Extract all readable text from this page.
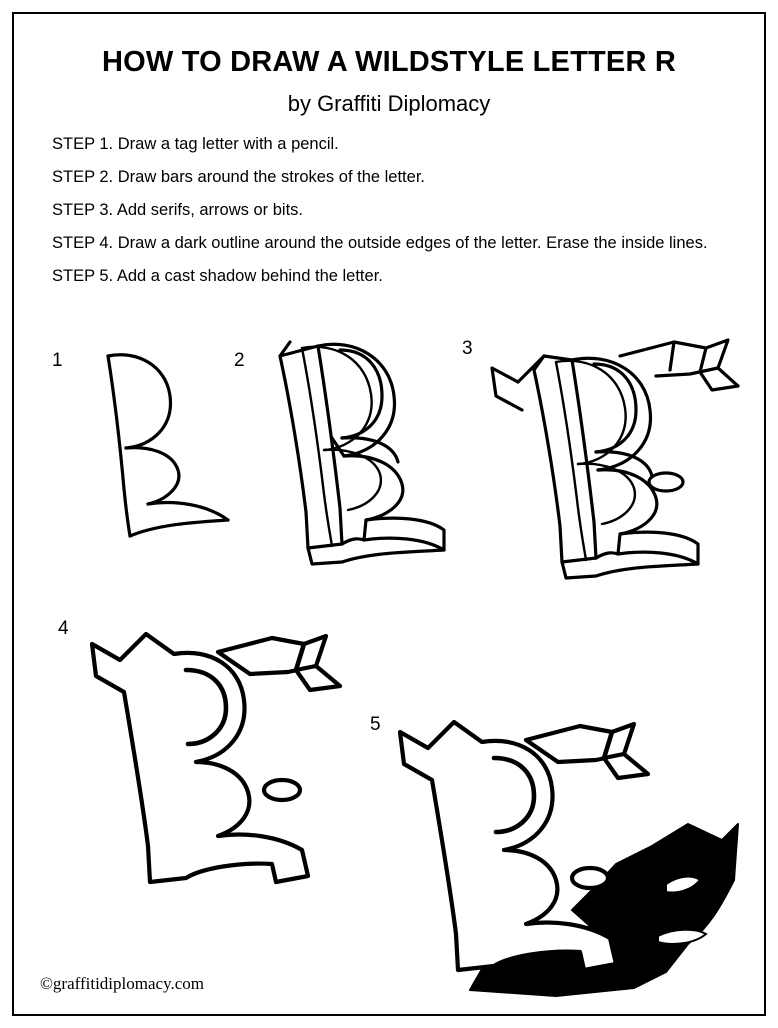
HOW TO DRAW A WILDSTYLE LETTER R
by Graffiti Diplomacy
STEP 1. Draw a tag letter with a pencil.
STEP 2. Draw bars around the strokes of the letter.
STEP 3. Add serifs, arrows or bits.
STEP 4. Draw a dark outline around the outside edges of the letter. Erase the inside lines.
STEP 5. Add a cast shadow behind the letter.
1	2
3
4
5
©graffitidiplomacy.com
